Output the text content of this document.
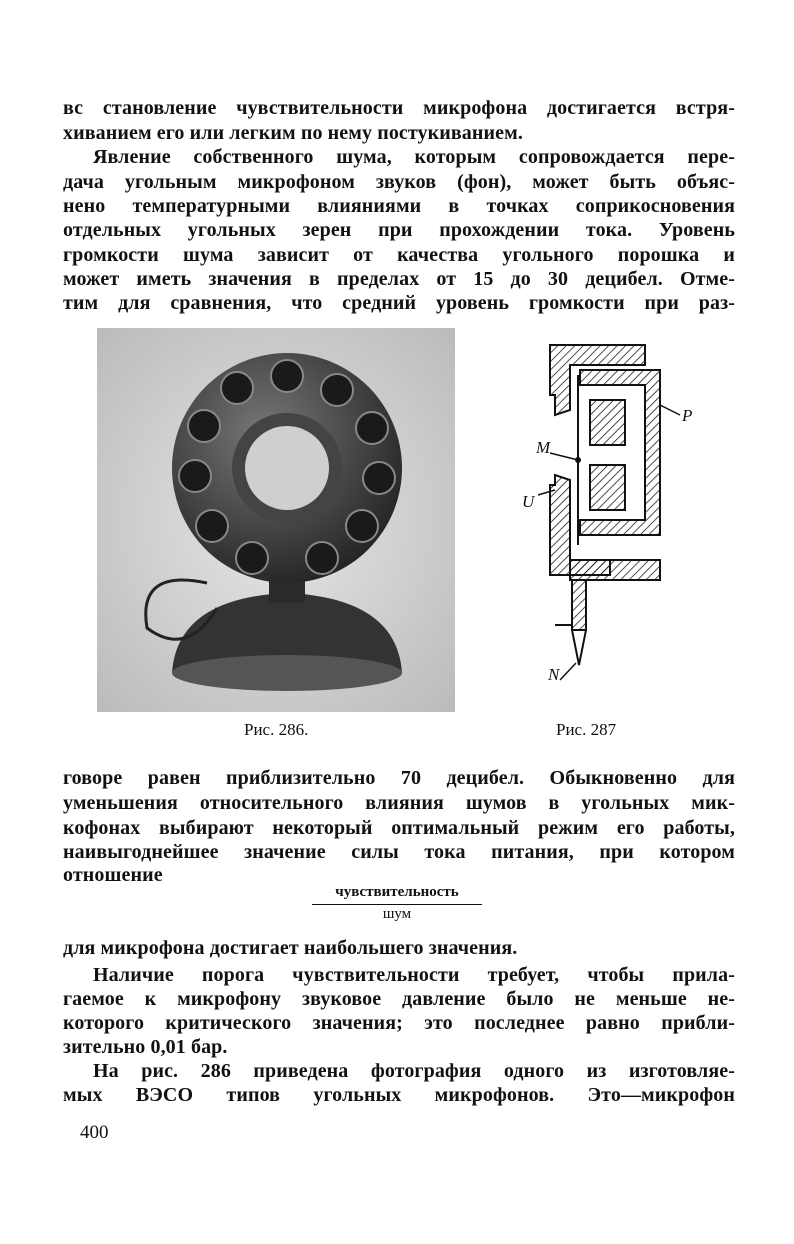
вс становление чувствительности микрофона достигается встря-
хиванием его или легким по нему постукиванием.
Явление собственного шума, которым сопровождается пере-
дача угольным микрофоном звуков (фон), может быть объяс-
нено температурными влияниями в точках соприкосновения
отдельных угольных зерен при прохождении тока. Уровень
громкости шума зависит от качества угольного порошка и
может иметь значения в пределах от 15 до 30 децибел. Отме-
тим для сравнения, что средний уровень громкости при раз-
Рис. 286.
P
M
U
N
Рис. 287
говоре равен приблизительно 70 децибел. Обыкновенно для
уменьшения относительного влияния шумов в угольных мик-
кофонах выбирают некоторый оптимальный режим его работы,
наивыгоднейшее значение силы тока питания, при котором
отношение
чувствительность
шум
для микрофона достигает наибольшего значения.
Наличие порога чувствительности требует, чтобы прила-
гаемое к микрофону звуковое давление было не меньше не-
которого критического значения; это последнее равно прибли-
зительно 0,01 бар.
На рис. 286 приведена фотография одного из изготовляе-
мых ВЭСО типов угольных микрофонов. Это—микрофон
400
